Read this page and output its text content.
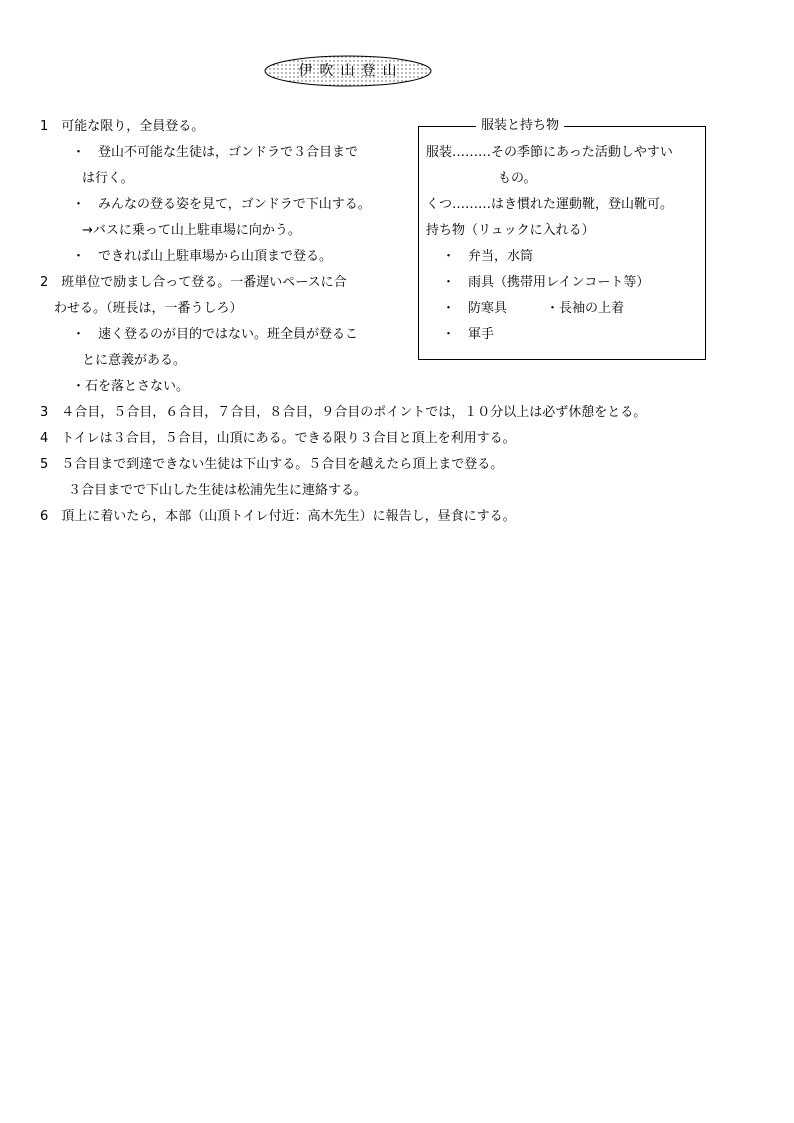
伊吹山登山
1　可能な限り，全員登る。
・　登山不可能な生徒は，ゴンドラで３合目まで
は行く。
・　みんなの登る姿を見て，ゴンドラで下山する。
→バスに乗って山上駐車場に向かう。
・　できれば山上駐車場から山頂まで登る。
2　班単位で励まし合って登る。一番遅いペースに合
わせる。（班長は，一番うしろ）
・　速く登るのが目的ではない。班全員が登るこ
とに意義がある。
・石を落とさない。
3　４合目，５合目，６合目，７合目，８合目，９合目のポイントでは，１０分以上は必ず休憩をとる。
4　トイレは３合目，５合目，山頂にある。できる限り３合目と頂上を利用する。
5　５合目まで到達できない生徒は下山する。５合目を越えたら頂上まで登る。
３合目までで下山した生徒は松浦先生に連絡する。
6　頂上に着いたら，本部（山頂トイレ付近：高木先生）に報告し，昼食にする。
服装と持ち物
服装………その季節にあった活動しやすい
もの。
くつ………はき慣れた運動靴，登山靴可。
持ち物（リュックに入れる）
・　弁当，水筒
・　雨具（携帯用レインコート等）
・　防寒具　　　・長袖の上着
・　軍手
